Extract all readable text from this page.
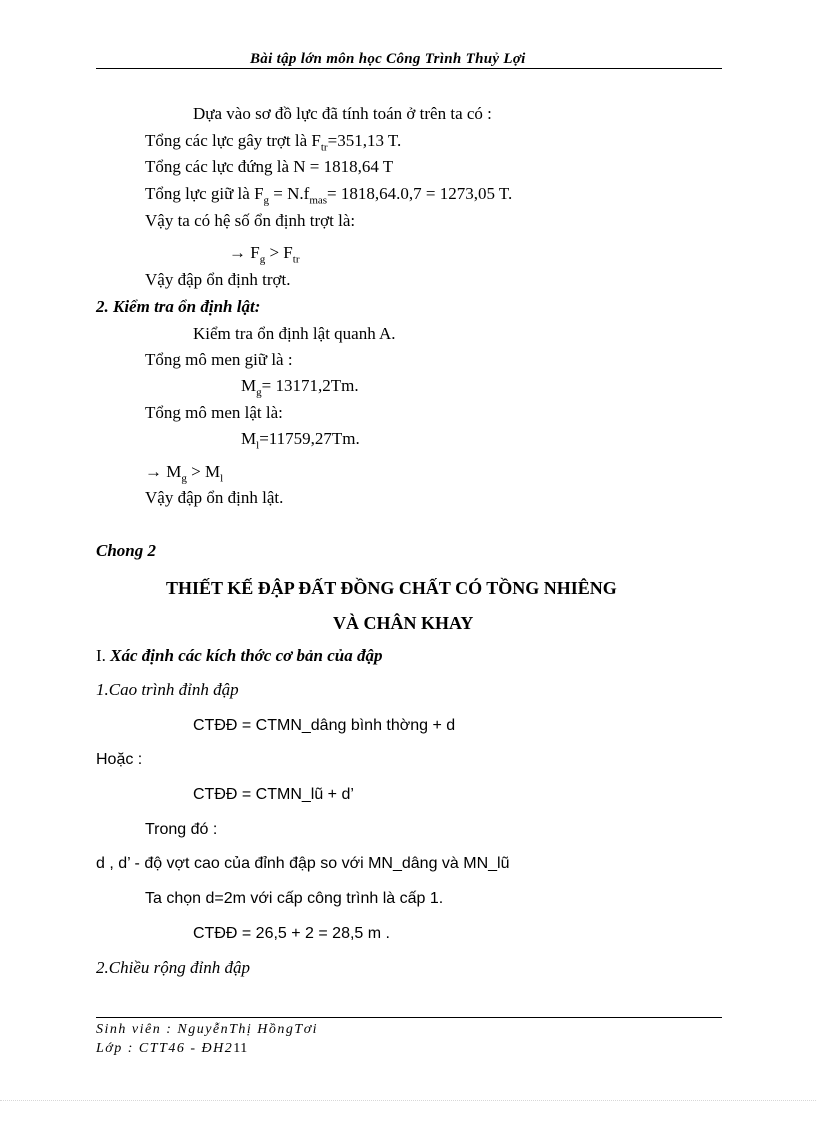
Bài tập lớn môn học Công Trình Thuỷ Lợi
Dựa vào sơ đồ lực đã tính toán ở trên ta có :
Tổng các lực gây trợt là $F_{tr}=351,13$ T.
Tổng các lực đứng là N = 1818,64 T
Tổng lực giữ là $F_g = N.f_{mas}= 1818,64.0,7 = 1273,05$ T.
Vậy ta có hệ số ổn định trợt là:
→ $F_g > F_{tr}$
Vậy đập ổn định trợt.
2. Kiểm tra ổn định lật:
Kiểm tra ổn định lật quanh A.
Tổng mô men giữ là :
$M_g= 13171,2Tm$.
Tổng mô men lật là:
$M_l=11759,27Tm$.
→ $M_g > M_l$
Vậy đập ổn định lật.
Chong 2
THIẾT KẾ ĐẬP ĐẤT ĐỒNG CHẤT CÓ TỒNG NHIÊNG
VÀ CHÂN KHAY
I. Xác định các kích thớc cơ bản của đập
1.Cao trình đỉnh đập
CTĐĐ = CTMN_dâng bình thờng + d
Hoặc :
CTĐĐ = CTMN_lũ + d’
Trong đó :
d , d’ - độ vợt cao của đỉnh đập so với MN_dâng và MN_lũ
Ta chọn d=2m với cấp công trình là cấp 1.
CTĐĐ = 26,5 + 2 = 28,5 m .
2.Chiều rộng đỉnh đập
Sinh viên : NguyễnThị HồngTơi
Lớp : CTT46 - ĐH211
